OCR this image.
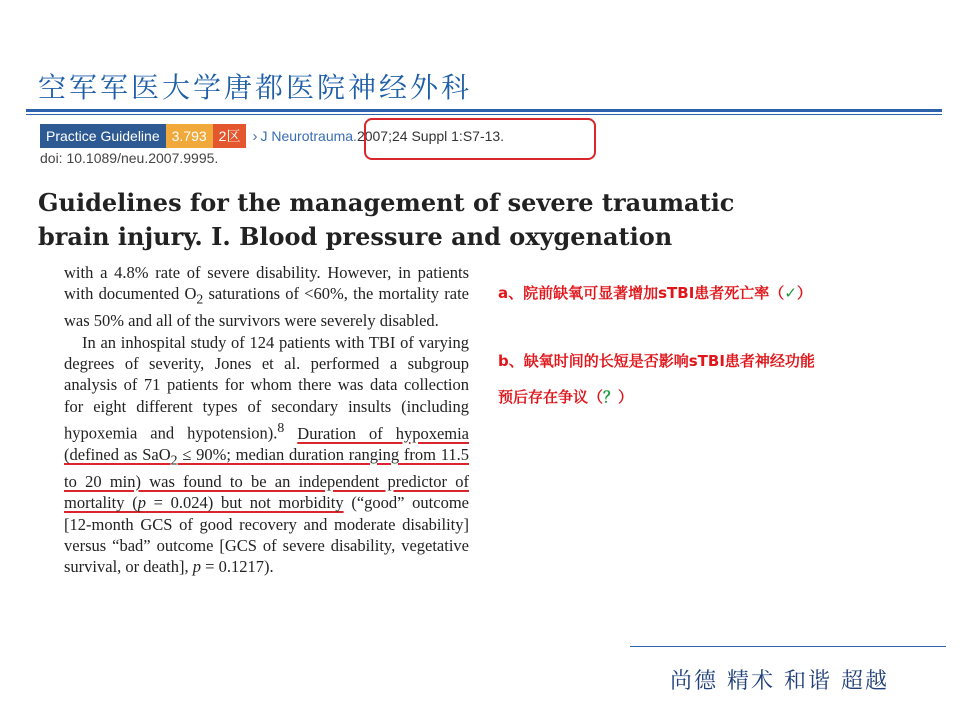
空军军医大学唐都医院神经外科
Practice Guideline 3.793 2区 › J Neurotrauma. 2007;24 Suppl 1:S7-13.
doi: 10.1089/neu.2007.9995.
Guidelines for the management of severe traumatic
brain injury. I. Blood pressure and oxygenation

with a 4.8% rate of severe disability. However, in patients with documented $O_2$ saturations of <60%, the mortality rate was 50% and all of the survivors were severely disabled.

In an inhospital study of 124 patients with TBI of varying degrees of severity, Jones et al. performed a subgroup analysis of 71 patients for whom there was data collection for eight different types of secondary insults (including hypoxemia and hypotension).$^8$ Duration of hypoxemia (defined as SaO$_2$ ≤ 90%; median duration ranging from 11.5 to 20 min) was found to be an independent predictor of mortality (p = 0.024) but not morbidity (“good” outcome [12-month GCS of good recovery and moderate disability] versus “bad” outcome [GCS of severe disability, vegetative survival, or death], p = 0.1217).

a、院前缺氧可显著增加sTBI患者死亡率（✓）
b、缺氧时间的长短是否影响sTBI患者神经功能
预后存在争议（？）
尚德 精术 和谐 超越
